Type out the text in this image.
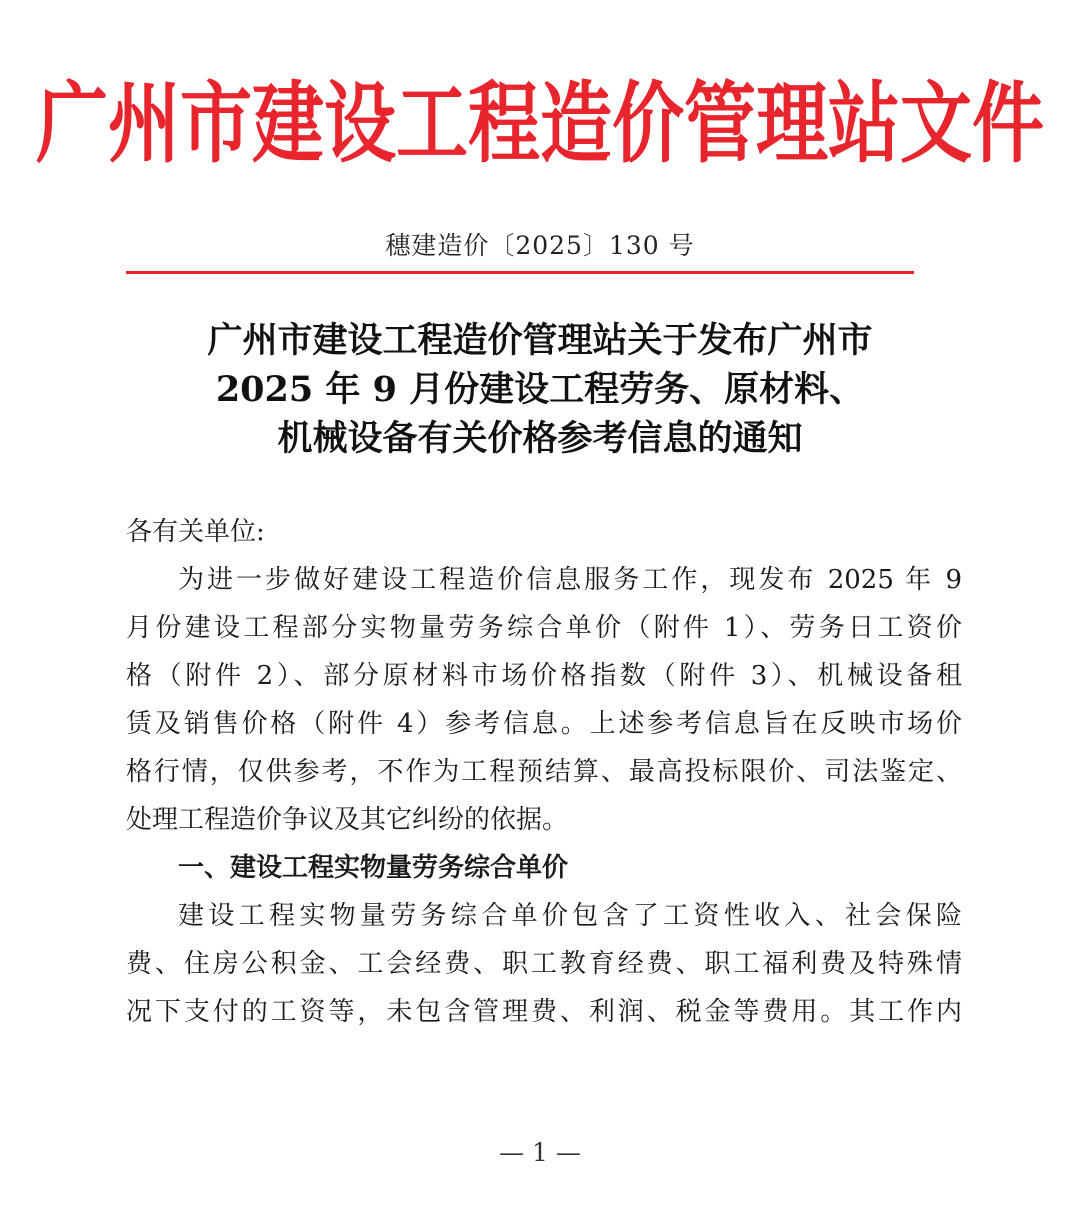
广州市建设工程造价管理站文件
穗建造价〔2025〕130 号
广州市建设工程造价管理站关于发布广州市
2025 年 9 月份建设工程劳务、原材料、
机械设备有关价格参考信息的通知
各有关单位:
为进一步做好建设工程造价信息服务工作，现发布 2025 年 9
月份建设工程部分实物量劳务综合单价（附件 1）、劳务日工资价
格（附件 2）、部分原材料市场价格指数（附件 3）、机械设备租
赁及销售价格（附件 4）参考信息。上述参考信息旨在反映市场价
格行情，仅供参考，不作为工程预结算、最高投标限价、司法鉴定、
处理工程造价争议及其它纠纷的依据。
一、建设工程实物量劳务综合单价
建设工程实物量劳务综合单价包含了工资性收入、社会保险
费、住房公积金、工会经费、职工教育经费、职工福利费及特殊情
况下支付的工资等，未包含管理费、利润、税金等费用。其工作内
— 1 —
